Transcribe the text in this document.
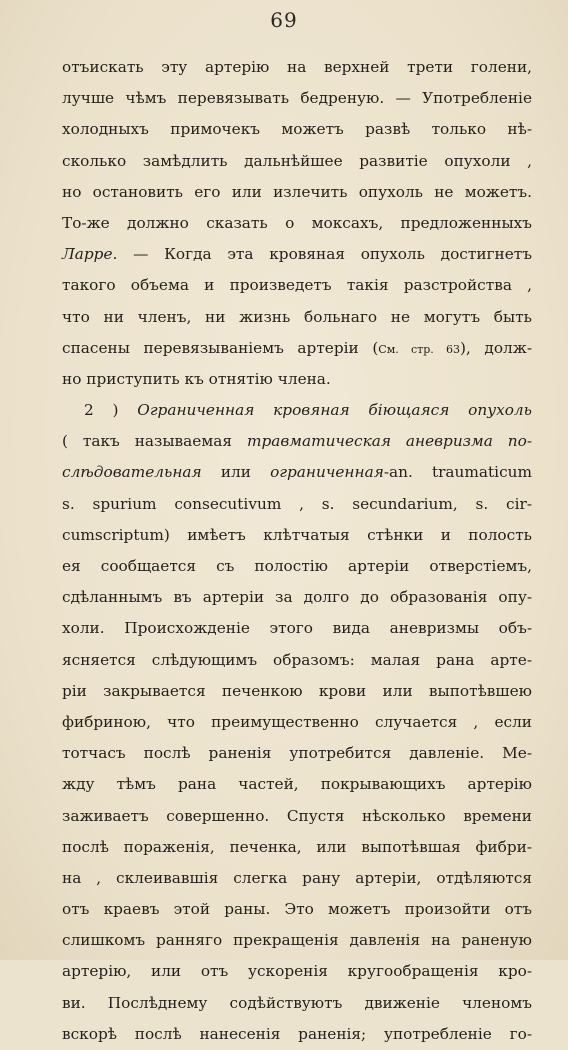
69
отъискать эту артерію на верхней трети голени,
лучше чѣмъ перевязывать бедреную. — Употребленіе
холодныхъ примочекъ можетъ развѣ только нѣ-
сколько замѣдлить дальнѣйшее развитіе опухоли ,
но остановить его или излечить опухоль не можетъ.
То-же должно сказать о моксахъ, предложенныхъ
Ларре. — Когда эта кровяная опухоль достигнетъ
такого объема и произведетъ такія разстройства ,
что ни членъ, ни жизнь больнаго не могутъ быть
спасены перевязываніемъ артеріи (См. стр. 63), долж-
но приступить къ отнятію члена.
2 ) Ограниченная кровяная біющаяся опухоль
( такъ называемая травматическая аневризма по-
слѣдовательная или ограниченная-an. traumaticum
s. spurium consecutivum , s. secundarium, s. cir-
cumscriptum) имѣетъ клѣтчатыя стѣнки и полость
ея сообщается съ полостію артеріи отверстіемъ,
сдѣланнымъ въ артеріи за долго до образованія опу-
холи. Происхожденіе этого вида аневризмы объ-
ясняется слѣдующимъ образомъ: малая рана арте-
ріи закрывается печенкою крови или выпотѣвшею
фибриною, что преимущественно случается , если
тотчасъ послѣ раненія употребится давленіе. Ме-
жду тѣмъ рана частей, покрывающихъ артерію
заживаетъ совершенно. Спустя нѣсколько времени
послѣ пораженія, печенка, или выпотѣвшая фибри-
на , склеивавшія слегка рану артеріи, отдѣляются
отъ краевъ этой раны. Это можетъ произойти отъ
слишкомъ ранняго прекращенія давленія на раненую
артерію, или отъ ускоренія кругообращенія кро-
ви. Послѣднему содѣйствуютъ движеніе членомъ
вскорѣ послѣ нанесенія раненія; употребленіе го-
